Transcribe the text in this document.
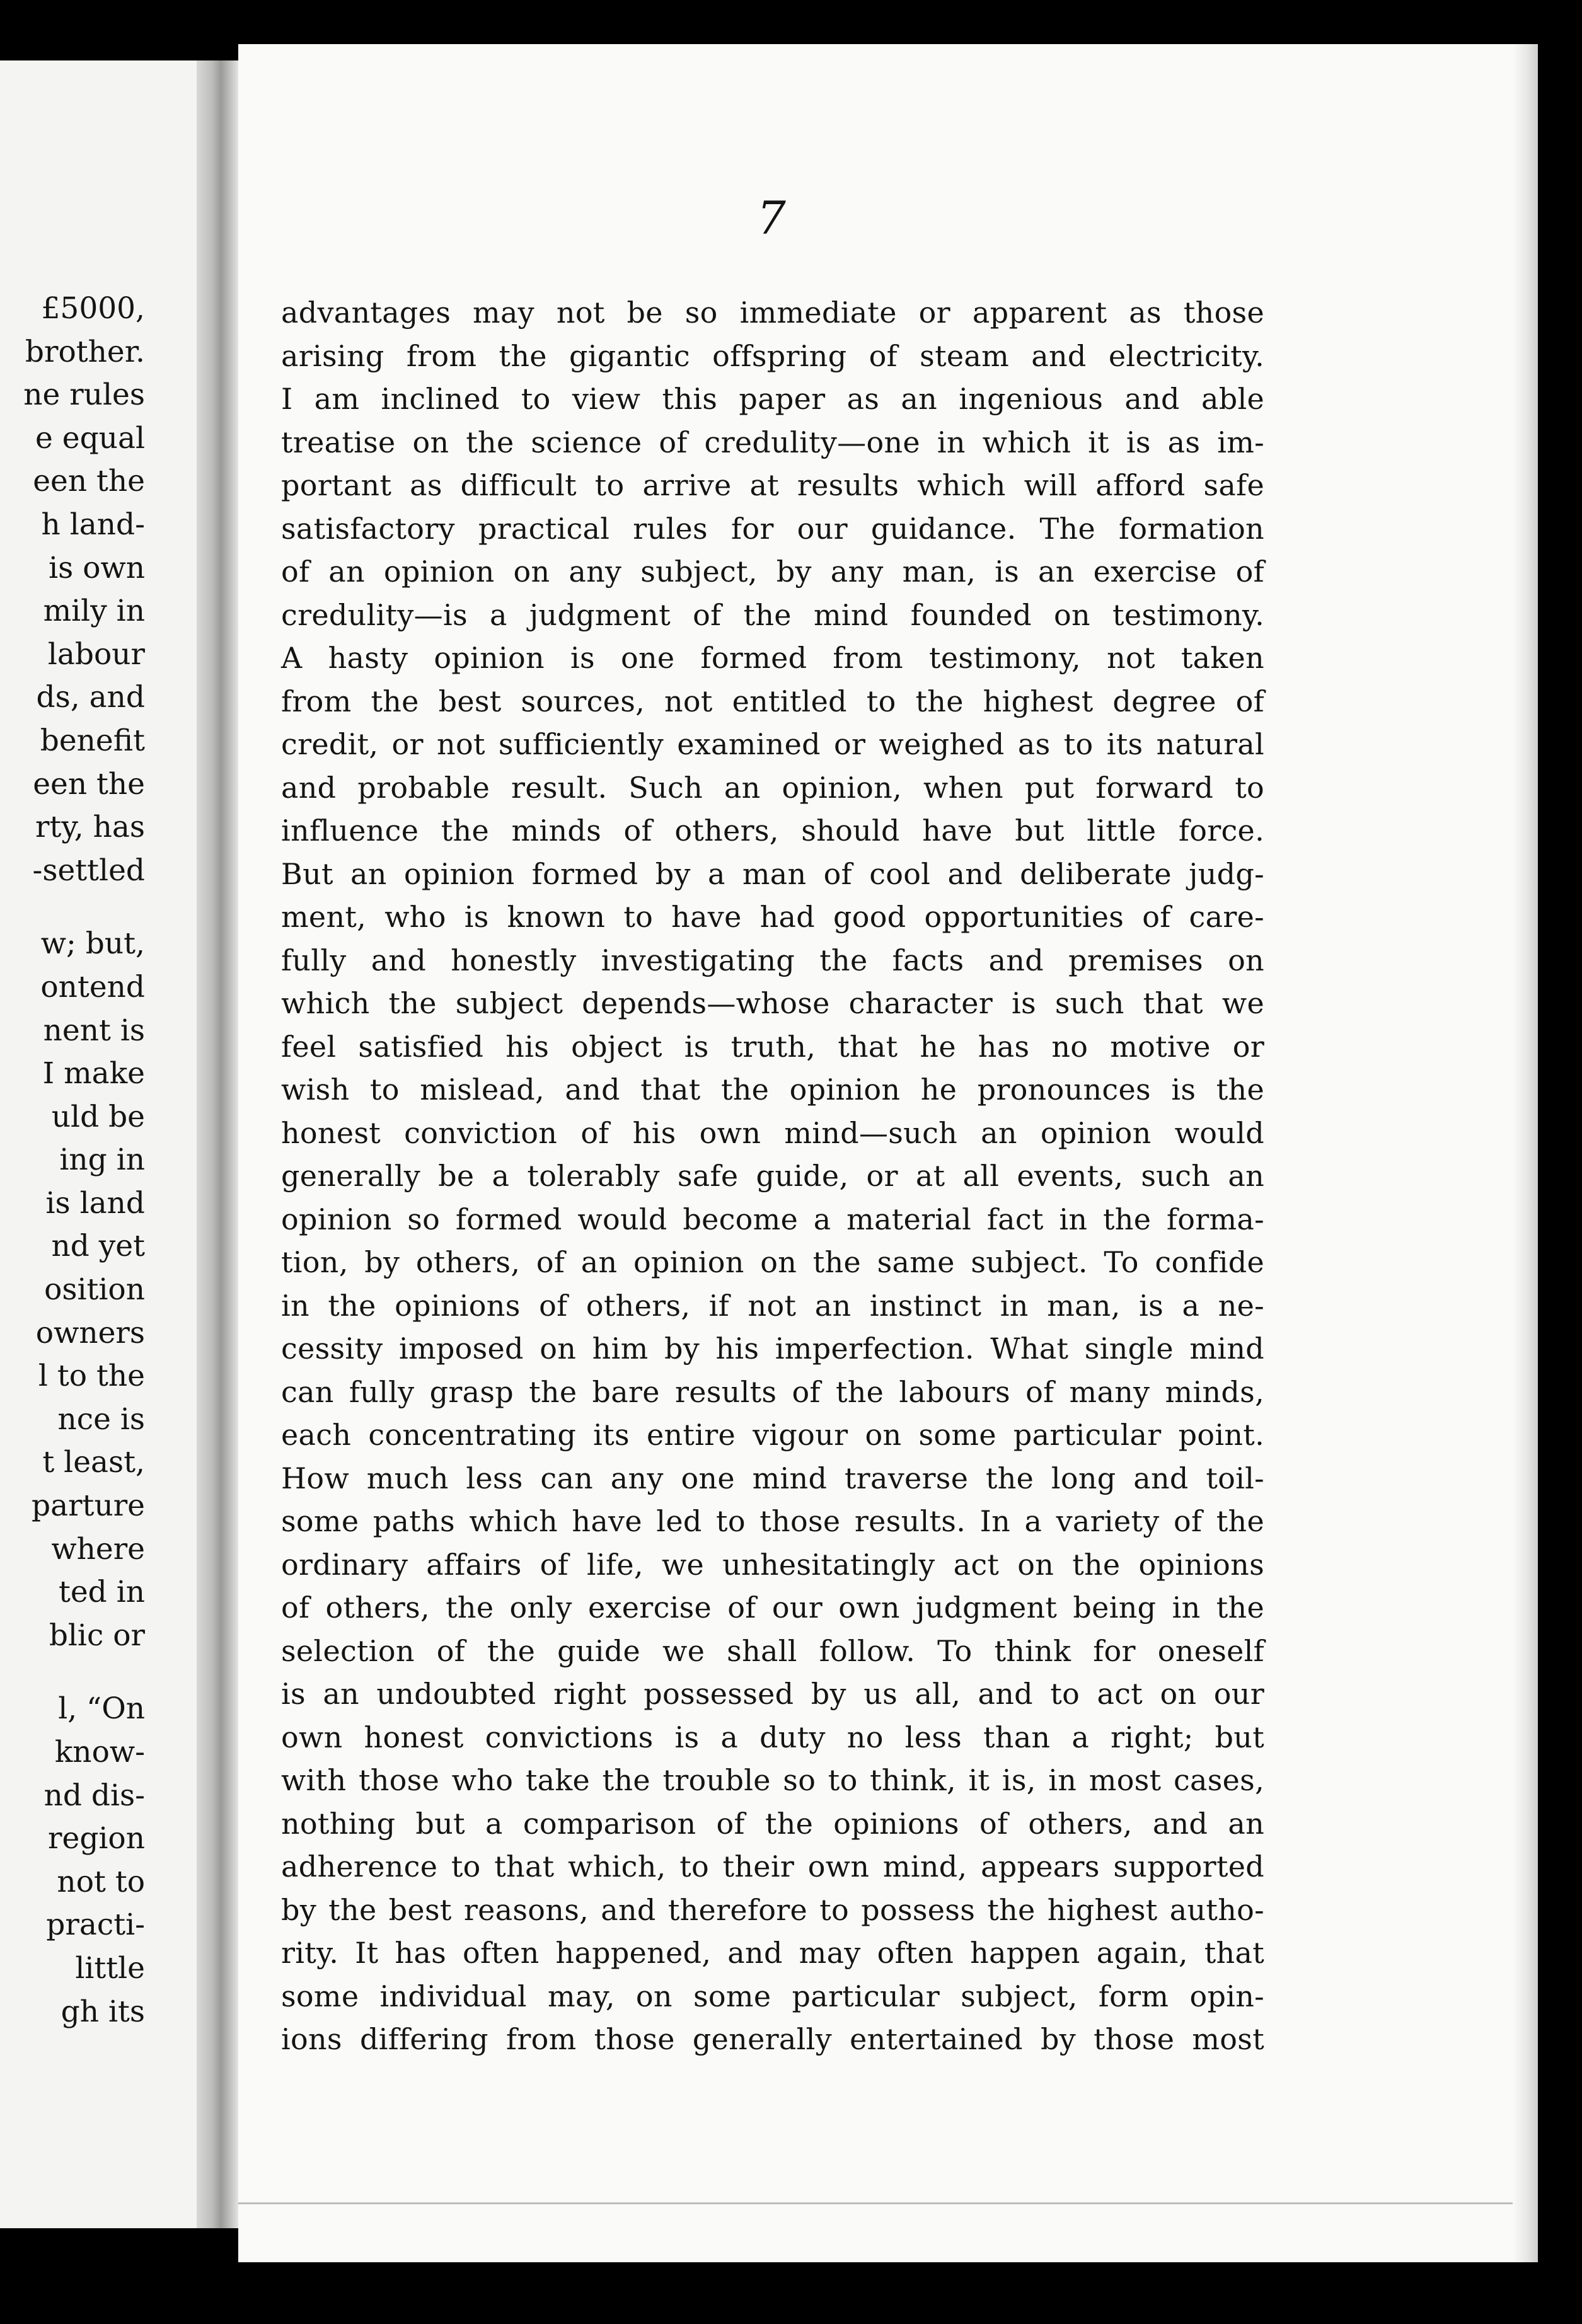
£5000,
brother.
ne rules
e equal
een the
h land-
is own
mily in
labour
ds, and
benefit
een the
rty, has
-settled
w; but,
ontend
nent is
I make
uld be
ing in
is land
nd yet
osition
owners
l to the
nce is
t least,
parture
where
ted in
blic or
l, “On
know-
nd dis-
region
not to
practi-
little
gh its
7
advantages may not be so immediate or apparent as those
arising from the gigantic offspring of steam and electricity.
I am inclined to view this paper as an ingenious and able
treatise on the science of credulity—one in which it is as im-
portant as difficult to arrive at results which will afford safe
satisfactory practical rules for our guidance. The formation
of an opinion on any subject, by any man, is an exercise of
credulity—is a judgment of the mind founded on testimony.
A hasty opinion is one formed from testimony, not taken
from the best sources, not entitled to the highest degree of
credit, or not sufficiently examined or weighed as to its natural
and probable result. Such an opinion, when put forward to
influence the minds of others, should have but little force.
But an opinion formed by a man of cool and deliberate judg-
ment, who is known to have had good opportunities of care-
fully and honestly investigating the facts and premises on
which the subject depends—whose character is such that we
feel satisfied his object is truth, that he has no motive or
wish to mislead, and that the opinion he pronounces is the
honest conviction of his own mind—such an opinion would
generally be a tolerably safe guide, or at all events, such an
opinion so formed would become a material fact in the forma-
tion, by others, of an opinion on the same subject. To confide
in the opinions of others, if not an instinct in man, is a ne-
cessity imposed on him by his imperfection. What single mind
can fully grasp the bare results of the labours of many minds,
each concentrating its entire vigour on some particular point.
How much less can any one mind traverse the long and toil-
some paths which have led to those results. In a variety of the
ordinary affairs of life, we unhesitatingly act on the opinions
of others, the only exercise of our own judgment being in the
selection of the guide we shall follow. To think for oneself
is an undoubted right possessed by us all, and to act on our
own honest convictions is a duty no less than a right; but
with those who take the trouble so to think, it is, in most cases,
nothing but a comparison of the opinions of others, and an
adherence to that which, to their own mind, appears supported
by the best reasons, and therefore to possess the highest autho-
rity. It has often happened, and may often happen again, that
some individual may, on some particular subject, form opin-
ions differing from those generally entertained by those most
